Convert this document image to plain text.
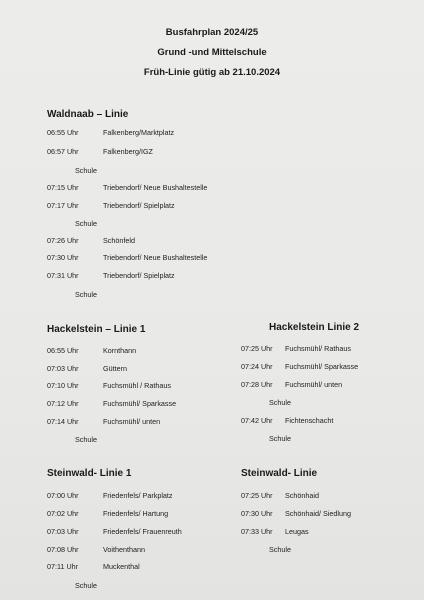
Busfahrplan 2024/25
Grund -und Mittelschule
Früh-Linie gütig ab 21.10.2024
Waldnaab – Linie
06:55 Uhr	Falkenberg/Marktplatz
06:57 Uhr	Falkenberg/IGZ
Schule
07:15 Uhr	Triebendorf/ Neue Bushaltestelle
07:17 Uhr	Triebendorf/ Spielplatz
Schule
07:26 Uhr	Schönfeld
07:30 Uhr	Triebendorf/ Neue Bushaltestelle
07:31 Uhr	Triebendorf/ Spielplatz
Schule
Hackelstein – Linie 1
06:55 Uhr	Kornthann
07:03 Uhr	Güttern
07:10 Uhr	Fuchsmühl / Rathaus
07:12 Uhr	Fuchsmühl/ Sparkasse
07:14 Uhr	Fuchsmühl/ unten
Schule
Hackelstein Linie 2
07:25 Uhr Fuchsmühl/ Rathaus
07:24 Uhr Fuchsmühl/ Sparkasse
07:28 Uhr Fuchsmühl/ unten
Schule
07:42 Uhr Fichtenschacht
Schule
Steinwald- Linie 1
07:00 Uhr	Friedenfels/ Parkplatz
07:02 Uhr	Friedenfels/ Hartung
07:03 Uhr	Friedenfels/ Frauenreuth
07:08 Uhr	Voithenthann
07:11 Uhr	Muckenthal
Schule
Steinwald- Linie
07:25 Uhr Schönhaid
07:30 Uhr Schönhaid/ Siedlung
07:33 Uhr Leugas
Schule
